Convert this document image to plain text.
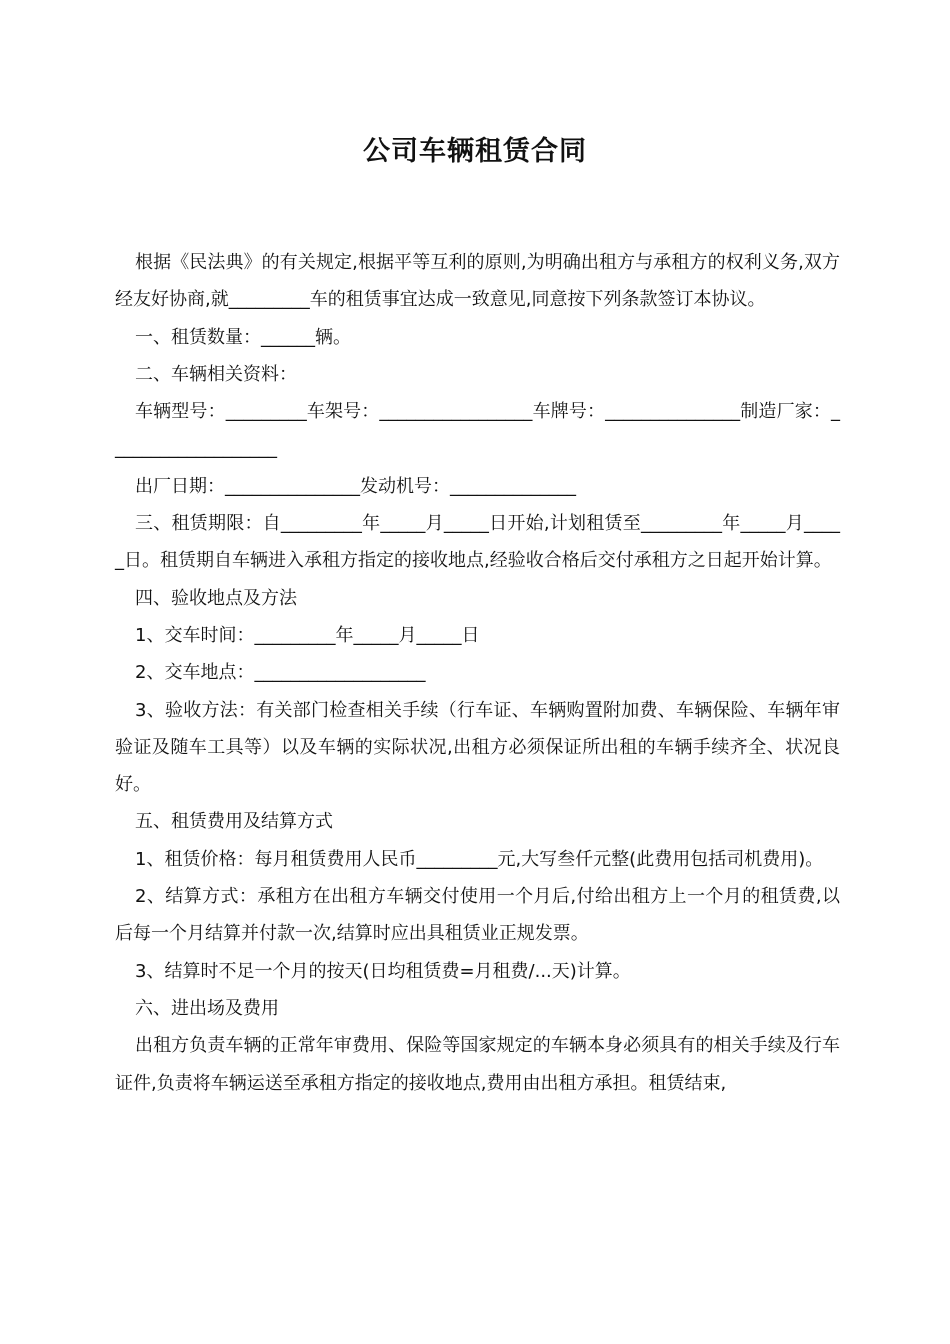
公司车辆租赁合同

根据《民法典》的有关规定,根据平等互利的原则,为明确出租方与承租方的权利义务,双方经友好协商,就_________车的租赁事宜达成一致意见,同意按下列条款签订本协议。

一、租赁数量：______辆。

二、车辆相关资料：

车辆型号：_________车架号：_________________车牌号：_______________制造厂家：___________________

出厂日期：_______________发动机号：______________

三、租赁期限：自_________年_____月_____日开始,计划租赁至_________年_____月_____日。租赁期自车辆进入承租方指定的接收地点,经验收合格后交付承租方之日起开始计算。

四、验收地点及方法

1、交车时间：_________年_____月_____日

2、交车地点：___________________

3、验收方法：有关部门检查相关手续（行车证、车辆购置附加费、车辆保险、车辆年审验证及随车工具等）以及车辆的实际状况,出租方必须保证所出租的车辆手续齐全、状况良好。

五、租赁费用及结算方式

1、租赁价格：每月租赁费用人民币_________元,大写叁仟元整(此费用包括司机费用)。

2、结算方式：承租方在出租方车辆交付使用一个月后,付给出租方上一个月的租赁费,以后每一个月结算并付款一次,结算时应出具租赁业正规发票。

3、结算时不足一个月的按天(日均租赁费=月租费/...天)计算。

六、进出场及费用

出租方负责车辆的正常年审费用、保险等国家规定的车辆本身必须具有的相关手续及行车证件,负责将车辆运送至承租方指定的接收地点,费用由出租方承担。租赁结束,
